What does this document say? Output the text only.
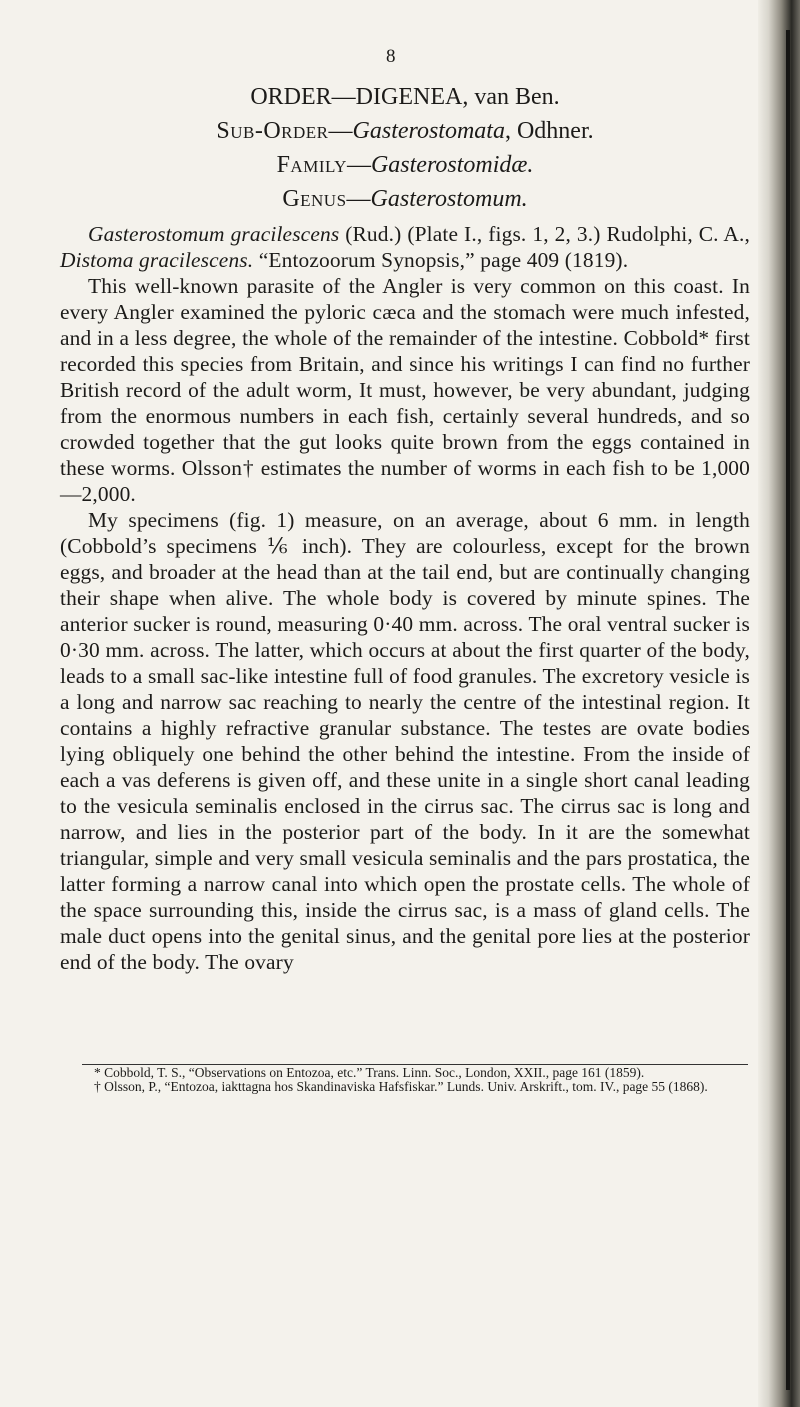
8
ORDER—DIGENEA, van Ben.
Sub-Order—Gasterostomata, Odhner.
Family—Gasterostomidæ.
Genus—Gasterostomum.

Gasterostomum gracilescens (Rud.) (Plate I., figs. 1, 2, 3.) Rudolphi, C. A., Distoma gracilescens. “Entozoorum Synopsis,” page 409 (1819).

This well-known parasite of the Angler is very common on this coast. In every Angler examined the pyloric cæca and the stomach were much infested, and in a less degree, the whole of the remainder of the intestine. Cobbold* first recorded this species from Britain, and since his writings I can find no further British record of the adult worm, It must, however, be very abundant, judging from the enormous numbers in each fish, certainly several hundreds, and so crowded together that the gut looks quite brown from the eggs contained in these worms. Olsson† estimates the number of worms in each fish to be 1,000—2,000.

My specimens (fig. 1) measure, on an average, about 6 mm. in length (Cobbold’s specimens ⅙ inch). They are colourless, except for the brown eggs, and broader at the head than at the tail end, but are continually changing their shape when alive. The whole body is covered by minute spines. The anterior sucker is round, measuring 0·40 mm. across. The oral ventral sucker is 0·30 mm. across. The latter, which occurs at about the first quarter of the body, leads to a small sac-like intestine full of food granules. The excretory vesicle is a long and narrow sac reaching to nearly the centre of the intestinal region. It contains a highly refractive granular substance. The testes are ovate bodies lying obliquely one behind the other behind the intestine. From the inside of each a vas deferens is given off, and these unite in a single short canal leading to the vesicula seminalis enclosed in the cirrus sac. The cirrus sac is long and narrow, and lies in the posterior part of the body. In it are the somewhat triangular, simple and very small vesicula seminalis and the pars prostatica, the latter forming a narrow canal into which open the prostate cells. The whole of the space surrounding this, inside the cirrus sac, is a mass of gland cells. The male duct opens into the genital sinus, and the genital pore lies at the posterior end of the body. The ovary

* Cobbold, T. S., “Observations on Entozoa, etc.” Trans. Linn. Soc., London, XXII., page 161 (1859).

† Olsson, P., “Entozoa, iakttagna hos Skandinaviska Hafsfiskar.” Lunds. Univ. Arskrift., tom. IV., page 55 (1868).
